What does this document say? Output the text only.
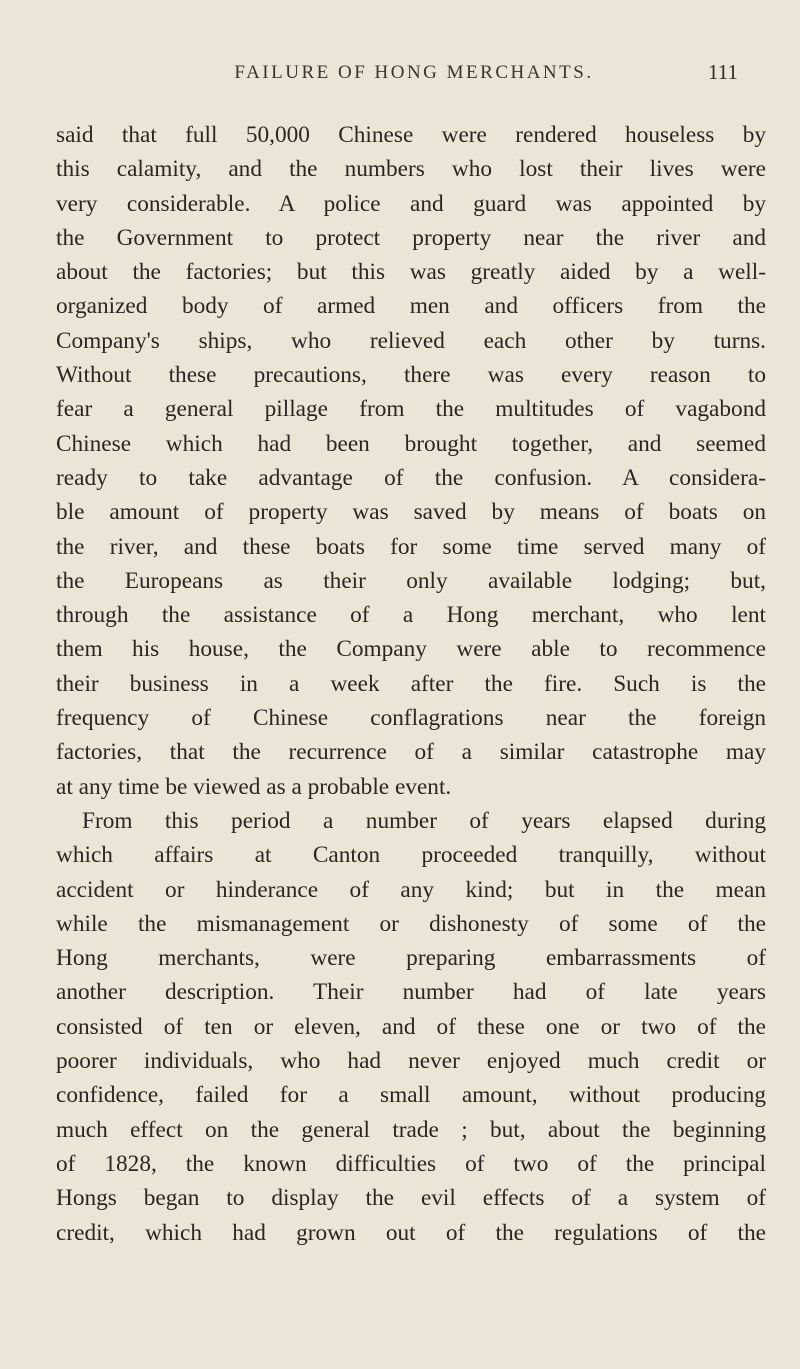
FAILURE OF HONG MERCHANTS.	111
said that full 50,000 Chinese were rendered houseless by
this calamity, and the numbers who lost their lives were
very considerable. A police and guard was appointed by
the Government to protect property near the river and
about the factories; but this was greatly aided by a well-
organized body of armed men and officers from the
Company's ships, who relieved each other by turns.
Without these precautions, there was every reason to
fear a general pillage from the multitudes of vagabond
Chinese which had been brought together, and seemed
ready to take advantage of the confusion. A considera-
ble amount of property was saved by means of boats on
the river, and these boats for some time served many of
the Europeans as their only available lodging; but,
through the assistance of a Hong merchant, who lent
them his house, the Company were able to recommence
their business in a week after the fire. Such is the
frequency of Chinese conflagrations near the foreign
factories, that the recurrence of a similar catastrophe may
at any time be viewed as a probable event.
From this period a number of years elapsed during
which affairs at Canton proceeded tranquilly, without
accident or hinderance of any kind; but in the mean
while the mismanagement or dishonesty of some of the
Hong merchants, were preparing embarrassments of
another description. Their number had of late years
consisted of ten or eleven, and of these one or two of the
poorer individuals, who had never enjoyed much credit or
confidence, failed for a small amount, without producing
much effect on the general trade ; but, about the beginning
of 1828, the known difficulties of two of the principal
Hongs began to display the evil effects of a system of
credit, which had grown out of the regulations of the
